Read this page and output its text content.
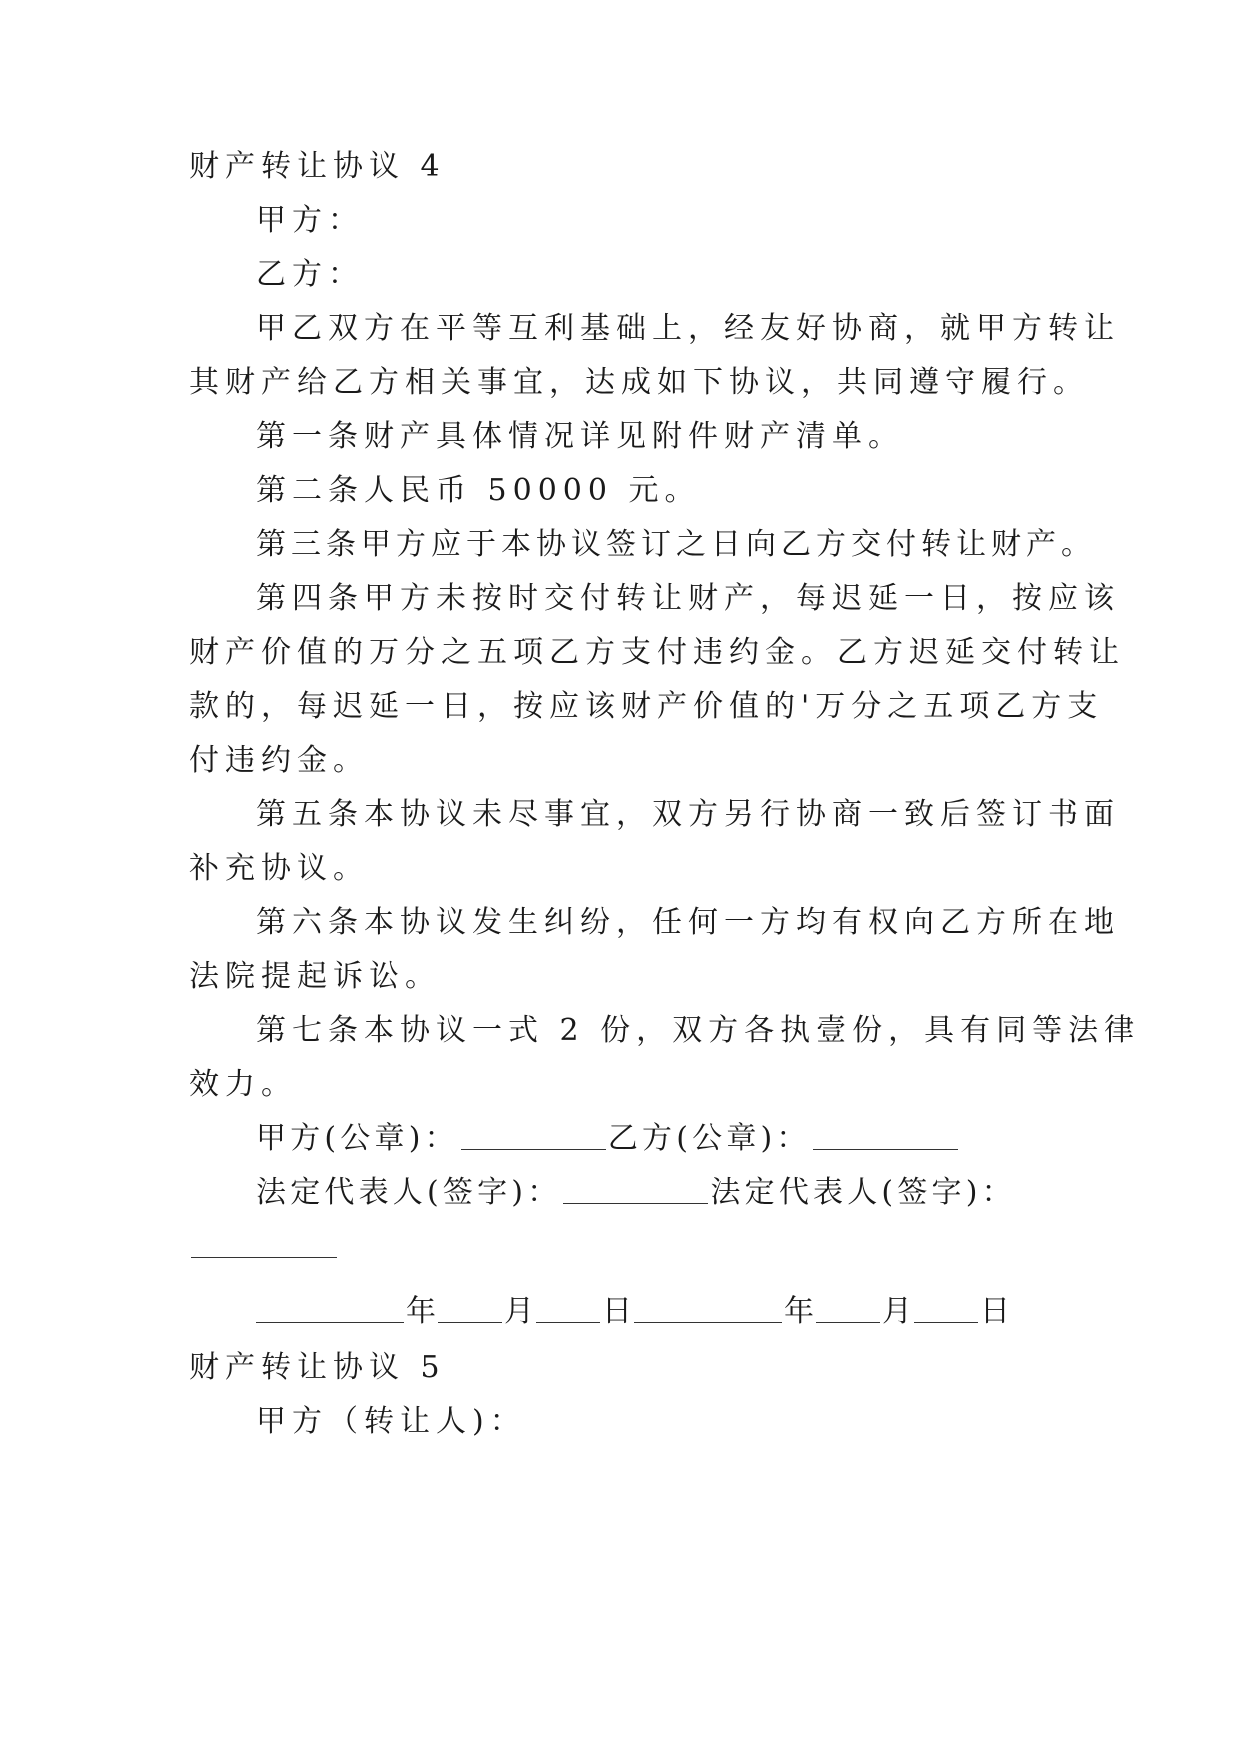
财产转让协议 4
甲方：
乙方：
甲乙双方在平等互利基础上，经友好协商，就甲方转让
其财产给乙方相关事宜，达成如下协议，共同遵守履行。
第一条财产具体情况详见附件财产清单。
第二条人民币 50000 元。
第三条甲方应于本协议签订之日向乙方交付转让财产。
第四条甲方未按时交付转让财产，每迟延一日，按应该
财产价值的万分之五项乙方支付违约金。乙方迟延交付转让
款的，每迟延一日，按应该财产价值的'万分之五项乙方支
付违约金。
第五条本协议未尽事宜，双方另行协商一致后签订书面
补充协议。
第六条本协议发生纠纷，任何一方均有权向乙方所在地
法院提起诉讼。
第七条本协议一式 2 份，双方各执壹份，具有同等法律
效力。
甲方(公章)：	乙方(公章)：
法定代表人(签字)：	法定代表人(签字)：
年 月 日	年 月 日
财产转让协议 5
甲方（转让人)：
